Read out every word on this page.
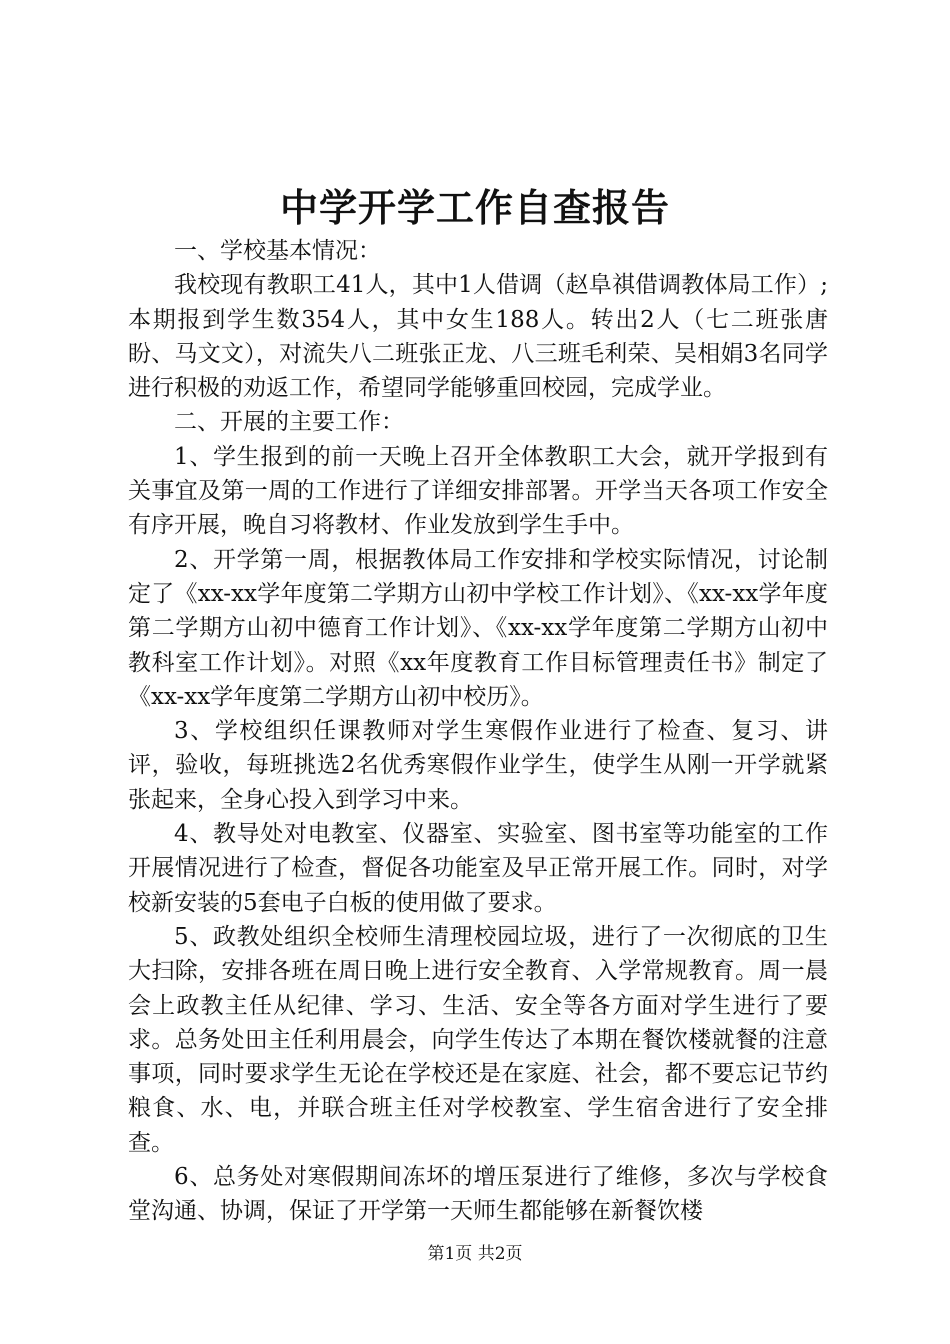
中学开学工作自查报告

一、学校基本情况：

我校现有教职工41人，其中1人借调（赵阜祺借调教体局工作）;本期报到学生数354人，其中女生188人。转出2人（七二班张唐盼、马文文），对流失八二班张正龙、八三班毛利荣、吴相娟3名同学进行积极的劝返工作，希望同学能够重回校园，完成学业。

二、开展的主要工作：

1、学生报到的前一天晚上召开全体教职工大会，就开学报到有关事宜及第一周的工作进行了详细安排部署。开学当天各项工作安全有序开展，晚自习将教材、作业发放到学生手中。

2、开学第一周，根据教体局工作安排和学校实际情况，讨论制定了《xx-xx学年度第二学期方山初中学校工作计划》、《xx-xx学年度第二学期方山初中德育工作计划》、《xx-xx学年度第二学期方山初中教科室工作计划》。对照《xx年度教育工作目标管理责任书》制定了《xx-xx学年度第二学期方山初中校历》。

3、学校组织任课教师对学生寒假作业进行了检查、复习、讲评，验收，每班挑选2名优秀寒假作业学生，使学生从刚一开学就紧张起来，全身心投入到学习中来。

4、教导处对电教室、仪器室、实验室、图书室等功能室的工作开展情况进行了检查，督促各功能室及早正常开展工作。同时，对学校新安装的5套电子白板的使用做了要求。

5、政教处组织全校师生清理校园垃圾，进行了一次彻底的卫生大扫除，安排各班在周日晚上进行安全教育、入学常规教育。周一晨会上政教主任从纪律、学习、生活、安全等各方面对学生进行了要求。总务处田主任利用晨会，向学生传达了本期在餐饮楼就餐的注意事项，同时要求学生无论在学校还是在家庭、社会，都不要忘记节约粮食、水、电，并联合班主任对学校教室、学生宿舍进行了安全排查。

6、总务处对寒假期间冻坏的增压泵进行了维修，多次与学校食堂沟通、协调，保证了开学第一天师生都能够在新餐饮楼

第1页 共2页
